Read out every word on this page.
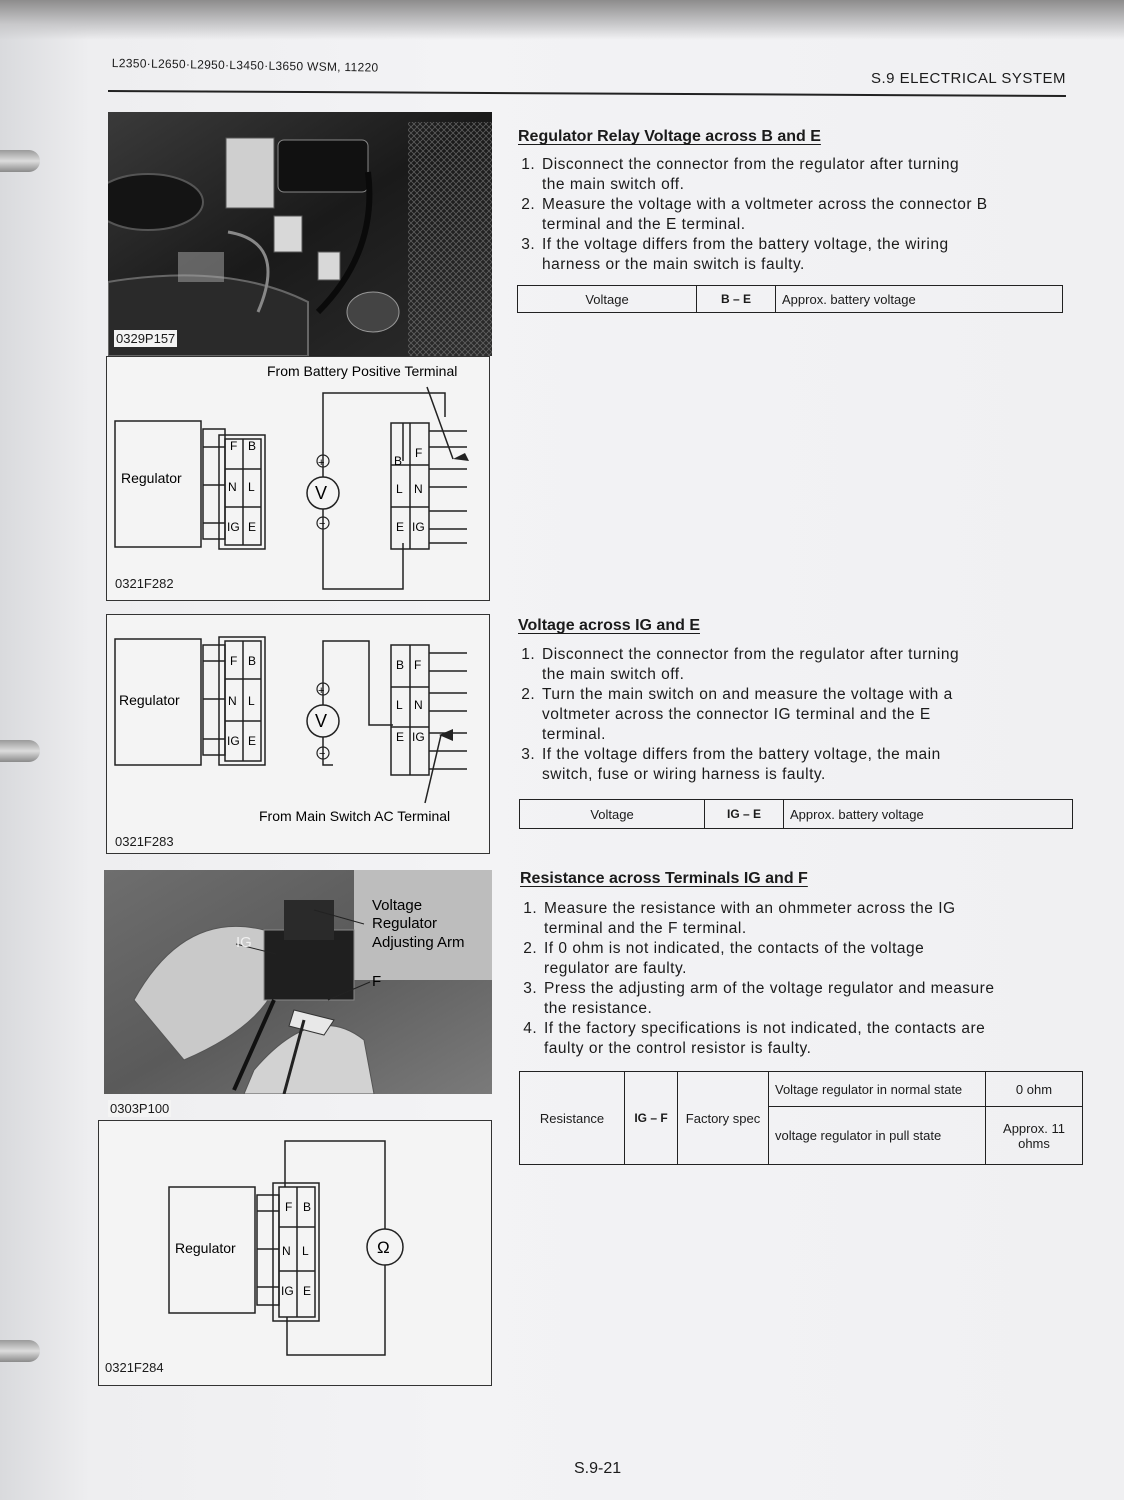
L2350·L2650·L2950·L3450·L3650 WSM, 11220
S.9 ELECTRICAL SYSTEM
0329P157
From Battery Positive Terminal
Regulator
V
+
−
F B
N L
IG E
B
F
L N
E IG
0321F282
Regulator
V
+
−
F B
N L
IG E
B F
L N
E IG
From Main Switch AC Terminal
0321F283
Voltage
Regulator
Adjusting Arm
IG
F
0303P100
Regulator	Ω
F B
N L
IG E
0321F284
Regulator Relay Voltage across B and E
1. Disconnect the connector from the regulator after turning
the main switch off.
2. Measure the voltage with a voltmeter across the connector B
terminal and the E terminal.
3. If the voltage differs from the battery voltage, the wiring
harness or the main switch is faulty.
Voltage	B – E	Approx. battery voltage
Voltage across IG and E
1. Disconnect the connector from the regulator after turning
the main switch off.
2. Turn the main switch on and measure the voltage with a
voltmeter across the connector IG terminal and the E
terminal.
3. If the voltage differs from the battery voltage, the main
switch, fuse or wiring harness is faulty.
Voltage	IG – E	Approx. battery voltage
Resistance across Terminals IG and F
1. Measure the resistance with an ohmmeter across the IG
terminal and the F terminal.
2. If 0 ohm is not indicated, the contacts of the voltage
regulator are faulty.
3. Press the adjusting arm of the voltage regulator and measure
the resistance.
4. If the factory specifications is not indicated, the contacts are
faulty or the control resistor is faulty.
Resistance	IG – F	Factory spec	Voltage regulator in normal state	0 ohm
			voltage regulator in pull state	Approx. 11 ohms
S.9-21
